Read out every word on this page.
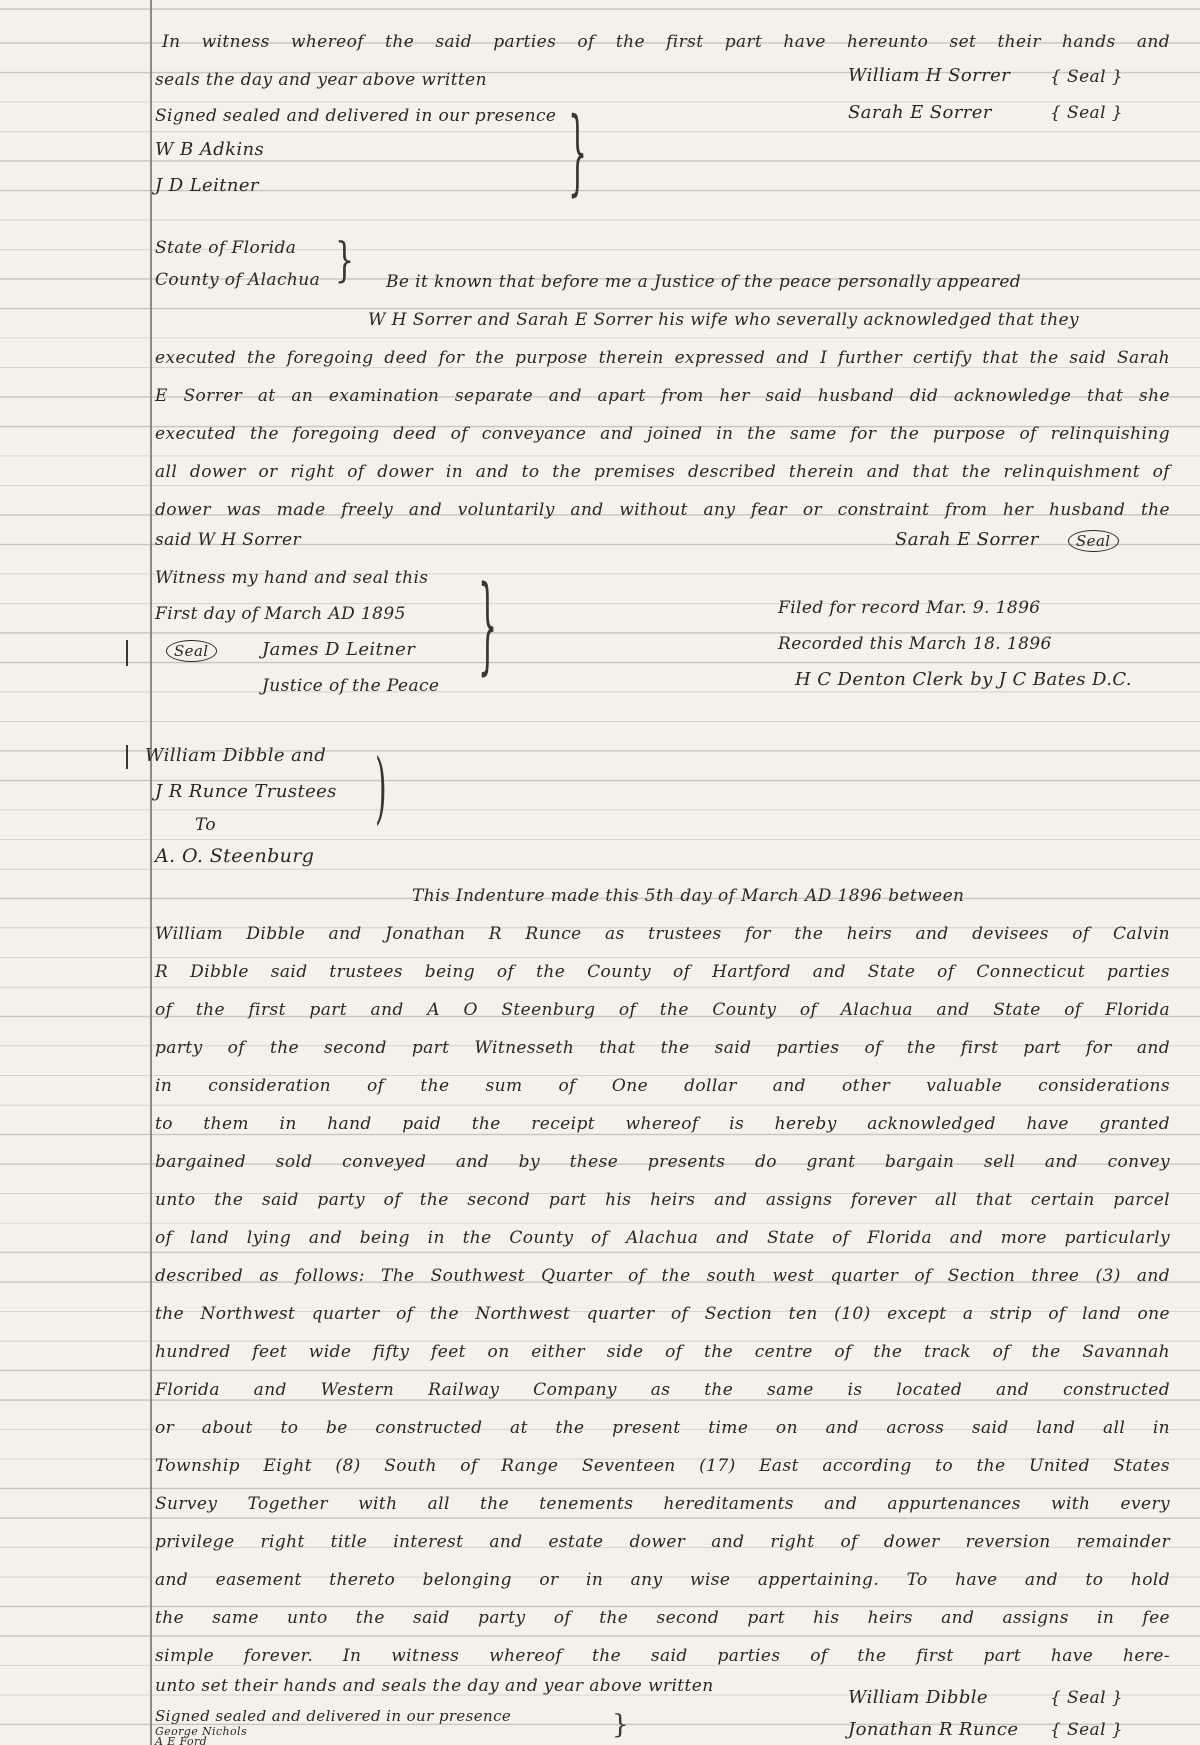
In witness whereof the said parties of the first part have hereunto set their hands and
seals the day and year above written	William H Sorrer { Seal }
Sarah E Sorrer	{ Seal }
Signed sealed and delivered in our presence
W B Adkins
J D Leitner	}
State of Florida
County of Alachua } Be it known that before me a Justice of the peace personally appeared
W H Sorrer and Sarah E Sorrer his wife who severally acknowledged that they
executed the foregoing deed for the purpose therein expressed and I further certify that the said Sarah
E Sorrer at an examination separate and apart from her said husband did acknowledge that she
executed the foregoing deed of conveyance and joined in the same for the purpose of relinquishing
all dower or right of dower in and to the premises described therein and that the relinquishment of
dower was made freely and voluntarily and without any fear or constraint from her husband the
said W H Sorrer	Sarah E Sorrer	Seal
Witness my hand and seal this
First day of March AD 1895
Seal	James D Leitner
Justice of the Peace }	Filed for record Mar. 9. 1896
Recorded this March 18. 1896
H C Denton Clerk by J C Bates D.C.
William Dibble and
J R Runce Trustees
To
A. O. Steenburg
)
This Indenture made this 5th day of March AD 1896 between
William Dibble and Jonathan R Runce as trustees for the heirs and devisees of Calvin
R Dibble said trustees being of the County of Hartford and State of Connecticut parties
of the first part and A O Steenburg of the County of Alachua and State of Florida
party of the second part Witnesseth that the said parties of the first part for and
in consideration of the sum of One dollar and other valuable considerations
to them in hand paid the receipt whereof is hereby acknowledged have granted
bargained sold conveyed and by these presents do grant bargain sell and convey
unto the said party of the second part his heirs and assigns forever all that certain parcel
of land lying and being in the County of Alachua and State of Florida and more particularly
described as follows: The Southwest Quarter of the south west quarter of Section three (3) and
the Northwest quarter of the Northwest quarter of Section ten (10) except a strip of land one
hundred feet wide fifty feet on either side of the centre of the track of the Savannah
Florida and Western Railway Company as the same is located and constructed
or about to be constructed at the present time on and across said land all in
Township Eight (8) South of Range Seventeen (17) East according to the United States
Survey Together with all the tenements hereditaments and appurtenances with every
privilege right title interest and estate dower and right of dower reversion remainder
and easement thereto belonging or in any wise appertaining. To have and to hold
the same unto the said party of the second part his heirs and assigns in fee
simple forever. In witness whereof the said parties of the first part have here-
unto set their hands and seals the day and year above written
Signed sealed and delivered in our presence
George Nichols
A E Ford
}
William Dibble	{ Seal }
Jonathan R Runce { Seal }
